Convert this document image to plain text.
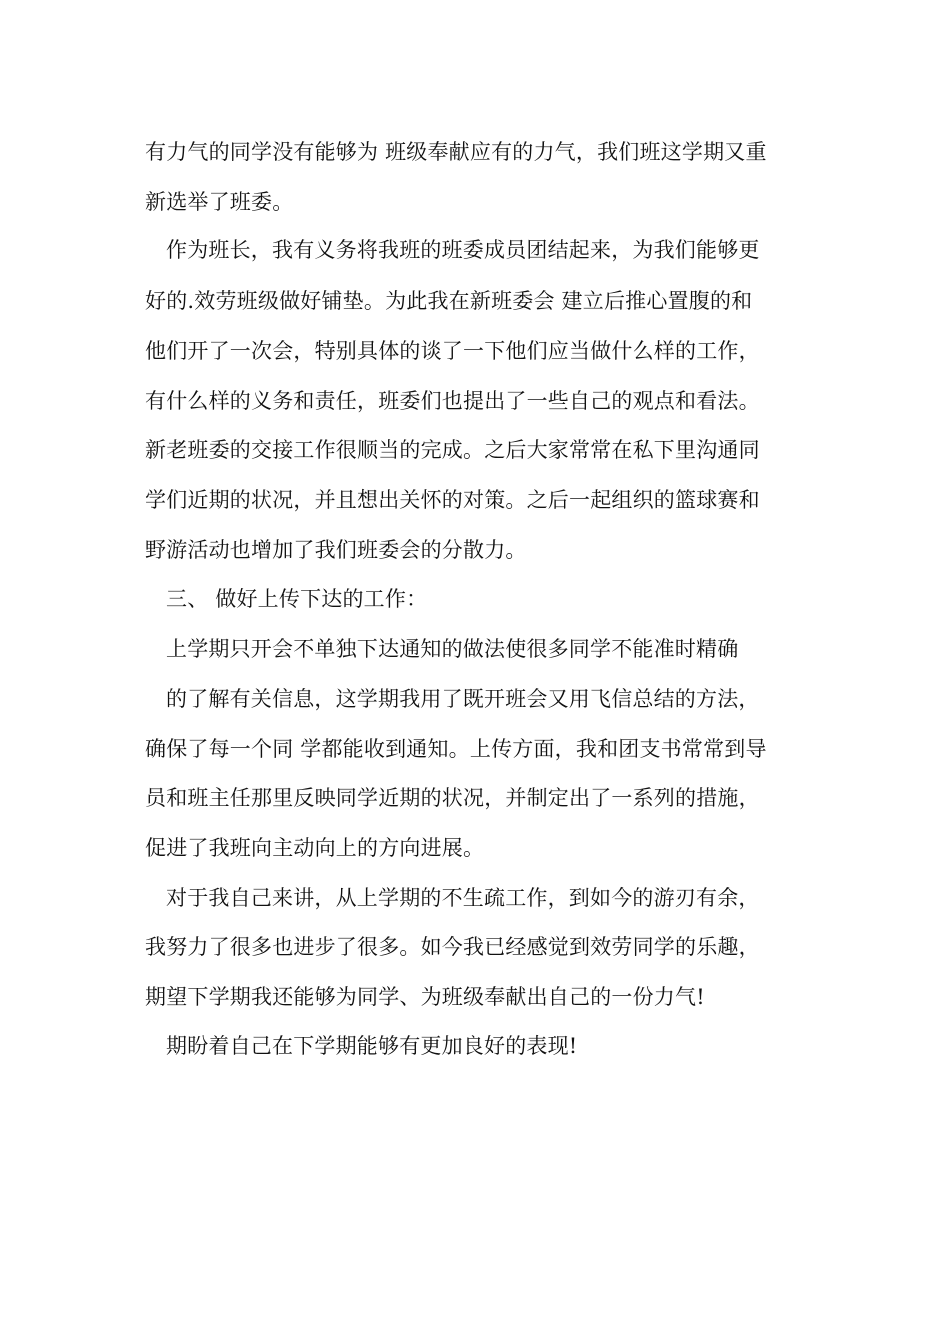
有力气的同学没有能够为 班级奉献应有的力气，我们班这学期又重
新选举了班委。
作为班长，我有义务将我班的班委成员团结起来，为我们能够更
好的.效劳班级做好铺垫。为此我在新班委会 建立后推心置腹的和
他们开了一次会，特别具体的谈了一下他们应当做什么样的工作，
有什么样的义务和责任，班委们也提出了一些自己的观点和看法。
新老班委的交接工作很顺当的完成。之后大家常常在私下里沟通同
学们近期的状况，并且想出关怀的对策。之后一起组织的篮球赛和
野游活动也增加了我们班委会的分散力。
三、 做好上传下达的工作：
上学期只开会不单独下达通知的做法使很多同学不能准时精确
的了解有关信息，这学期我用了既开班会又用飞信总结的方法，
确保了每一个同 学都能收到通知。上传方面，我和团支书常常到导
员和班主任那里反映同学近期的状况，并制定出了一系列的措施，
促进了我班向主动向上的方向进展。
对于我自己来讲，从上学期的不生疏工作，到如今的游刃有余，
我努力了很多也进步了很多。如今我已经感觉到效劳同学的乐趣，
期望下学期我还能够为同学、为班级奉献出自己的一份力气!
期盼着自己在下学期能够有更加良好的表现!
